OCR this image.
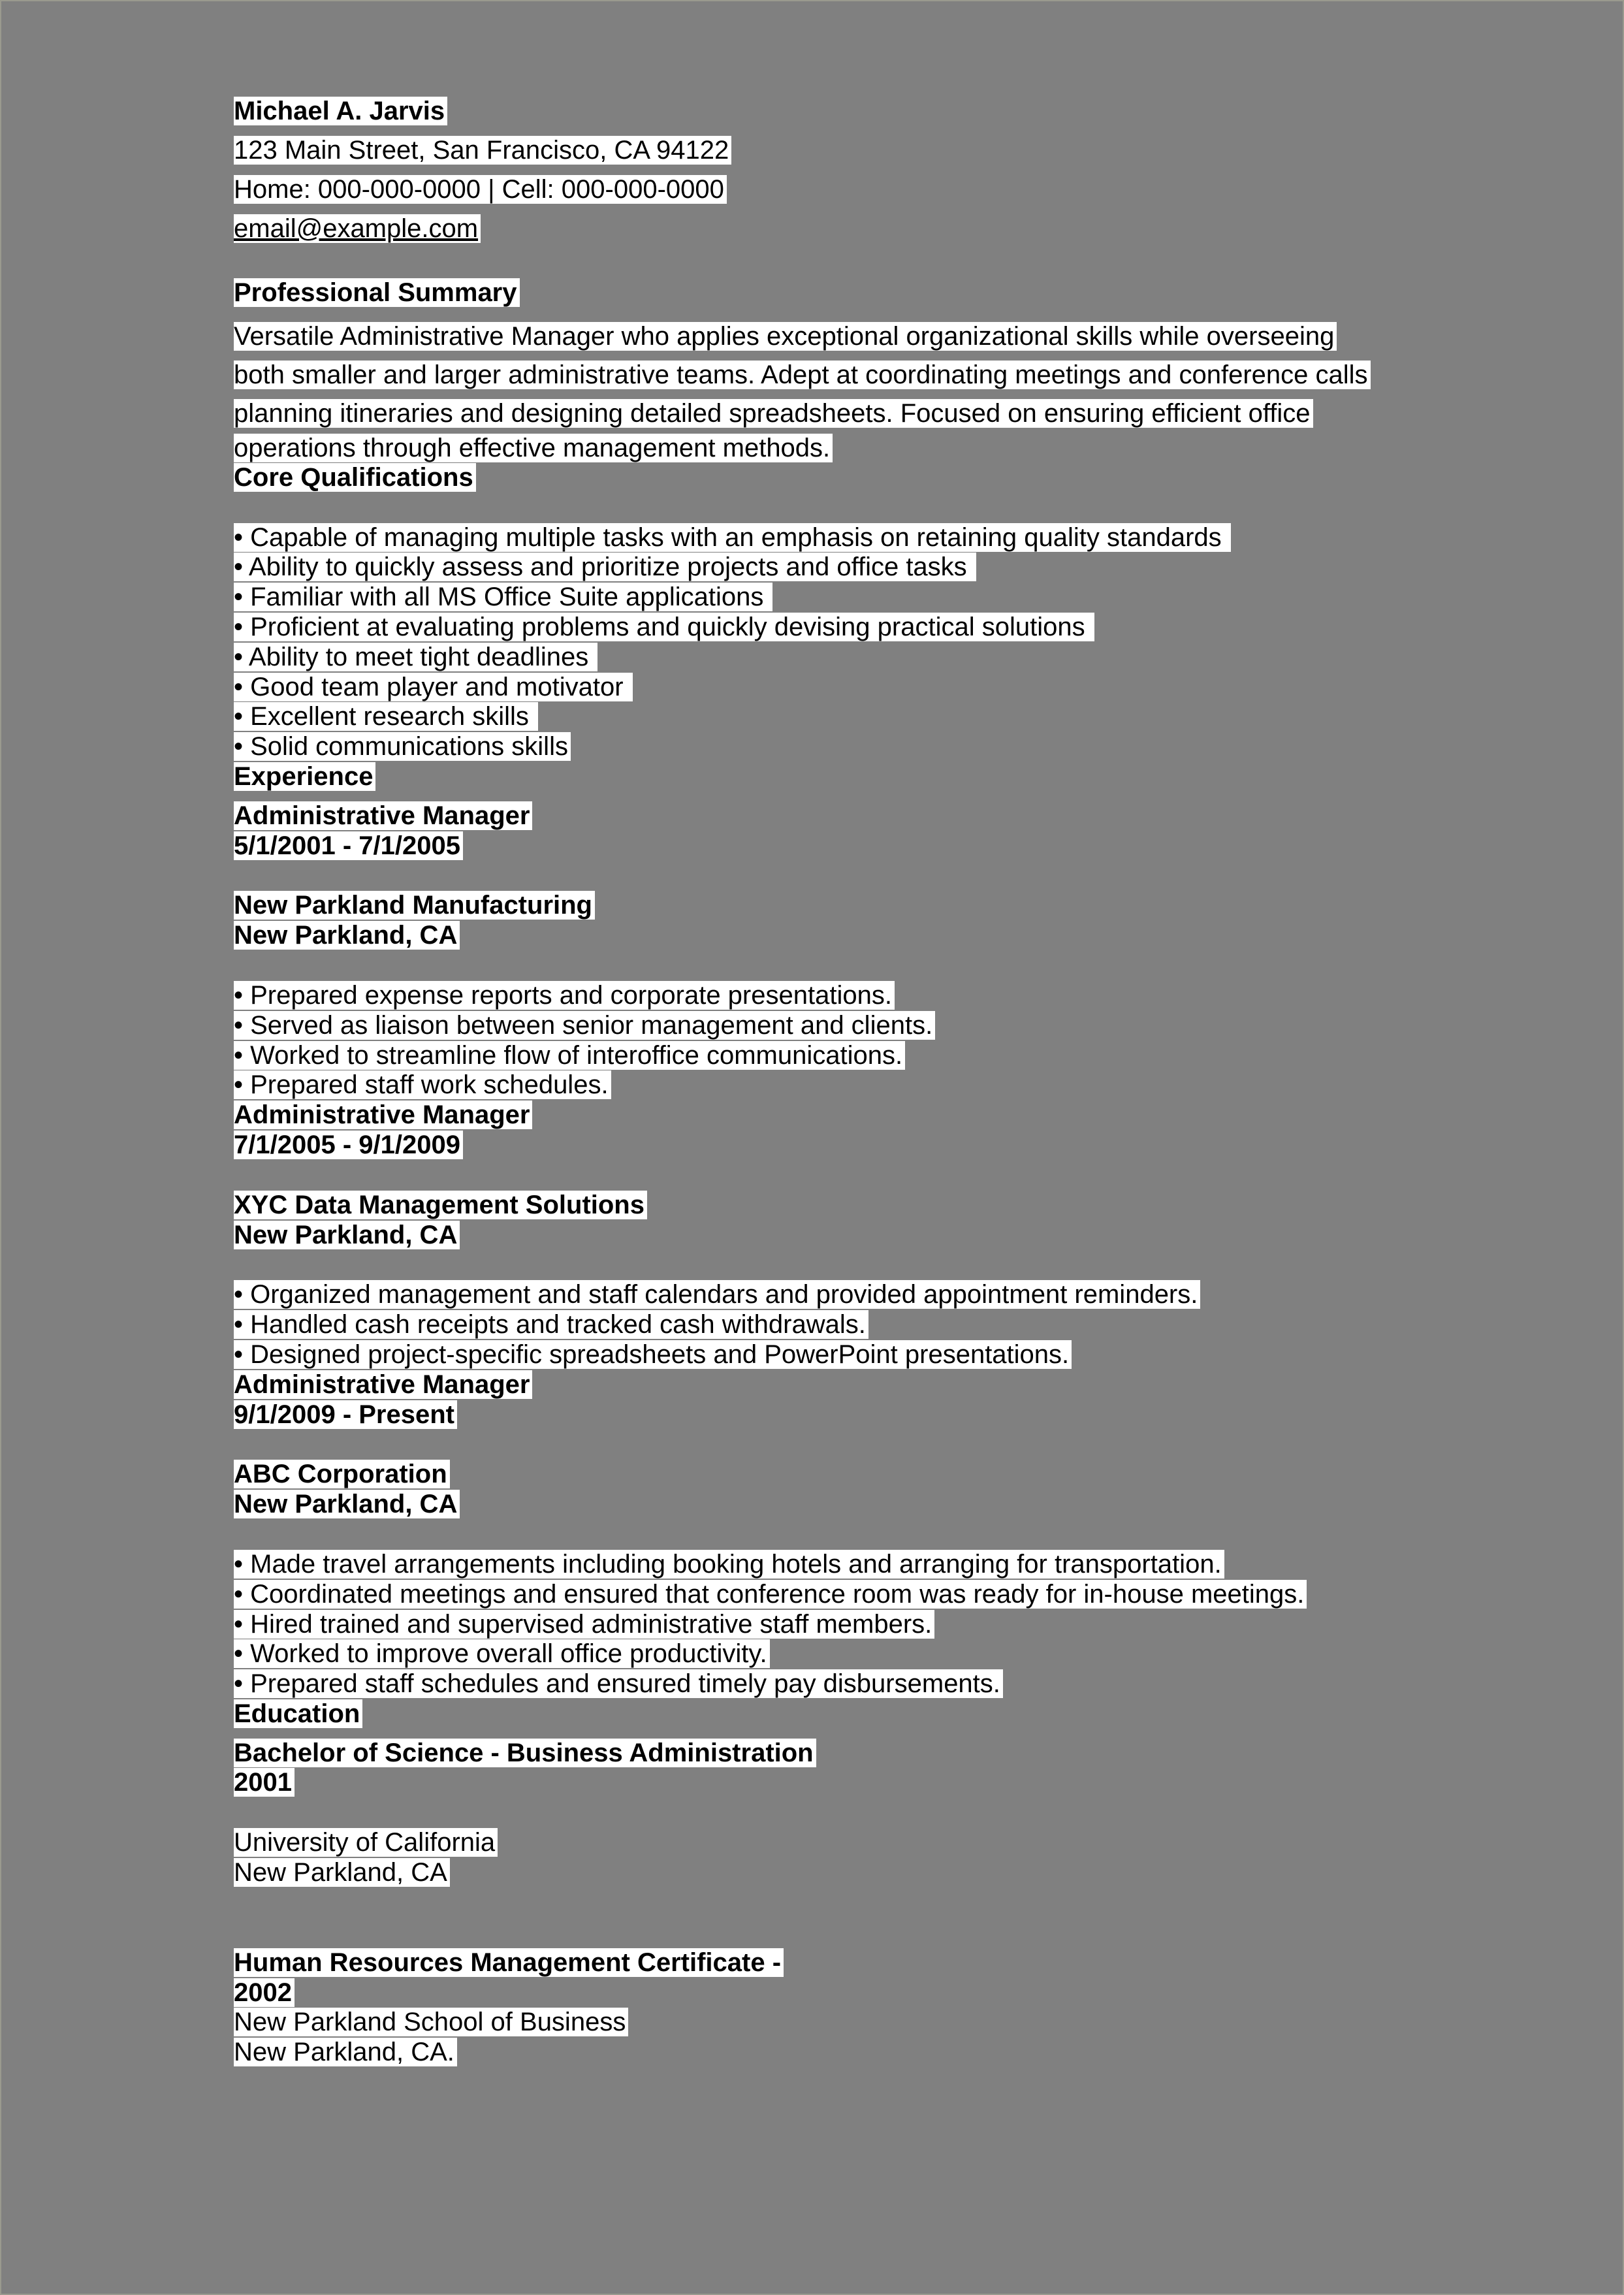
Michael A. Jarvis
123 Main Street, San Francisco, CA 94122
Home: 000-000-0000 | Cell: 000-000-0000
email@example.com
Professional Summary
Versatile Administrative Manager who applies exceptional organizational skills while overseeing
both smaller and larger administrative teams. Adept at coordinating meetings and conference calls
planning itineraries and designing detailed spreadsheets. Focused on ensuring efficient office
operations through effective management methods.
Core Qualifications
• Capable of managing multiple tasks with an emphasis on retaining quality standards
• Ability to quickly assess and prioritize projects and office tasks
• Familiar with all MS Office Suite applications
• Proficient at evaluating problems and quickly devising practical solutions
• Ability to meet tight deadlines
• Good team player and motivator
• Excellent research skills
• Solid communications skills
Experience
Administrative Manager
5/1/2001 - 7/1/2005
New Parkland Manufacturing
New Parkland, CA
• Prepared expense reports and corporate presentations.
• Served as liaison between senior management and clients.
• Worked to streamline flow of interoffice communications.
• Prepared staff work schedules.
Administrative Manager
7/1/2005 - 9/1/2009
XYC Data Management Solutions
New Parkland, CA
• Organized management and staff calendars and provided appointment reminders.
• Handled cash receipts and tracked cash withdrawals.
• Designed project-specific spreadsheets and PowerPoint presentations.
Administrative Manager
9/1/2009 - Present
ABC Corporation
New Parkland, CA
• Made travel arrangements including booking hotels and arranging for transportation.
• Coordinated meetings and ensured that conference room was ready for in-house meetings.
• Hired trained and supervised administrative staff members.
• Worked to improve overall office productivity.
• Prepared staff schedules and ensured timely pay disbursements.
Education
Bachelor of Science - Business Administration
2001
University of California
New Parkland, CA
Human Resources Management Certificate -
2002
New Parkland School of Business
New Parkland, CA.
